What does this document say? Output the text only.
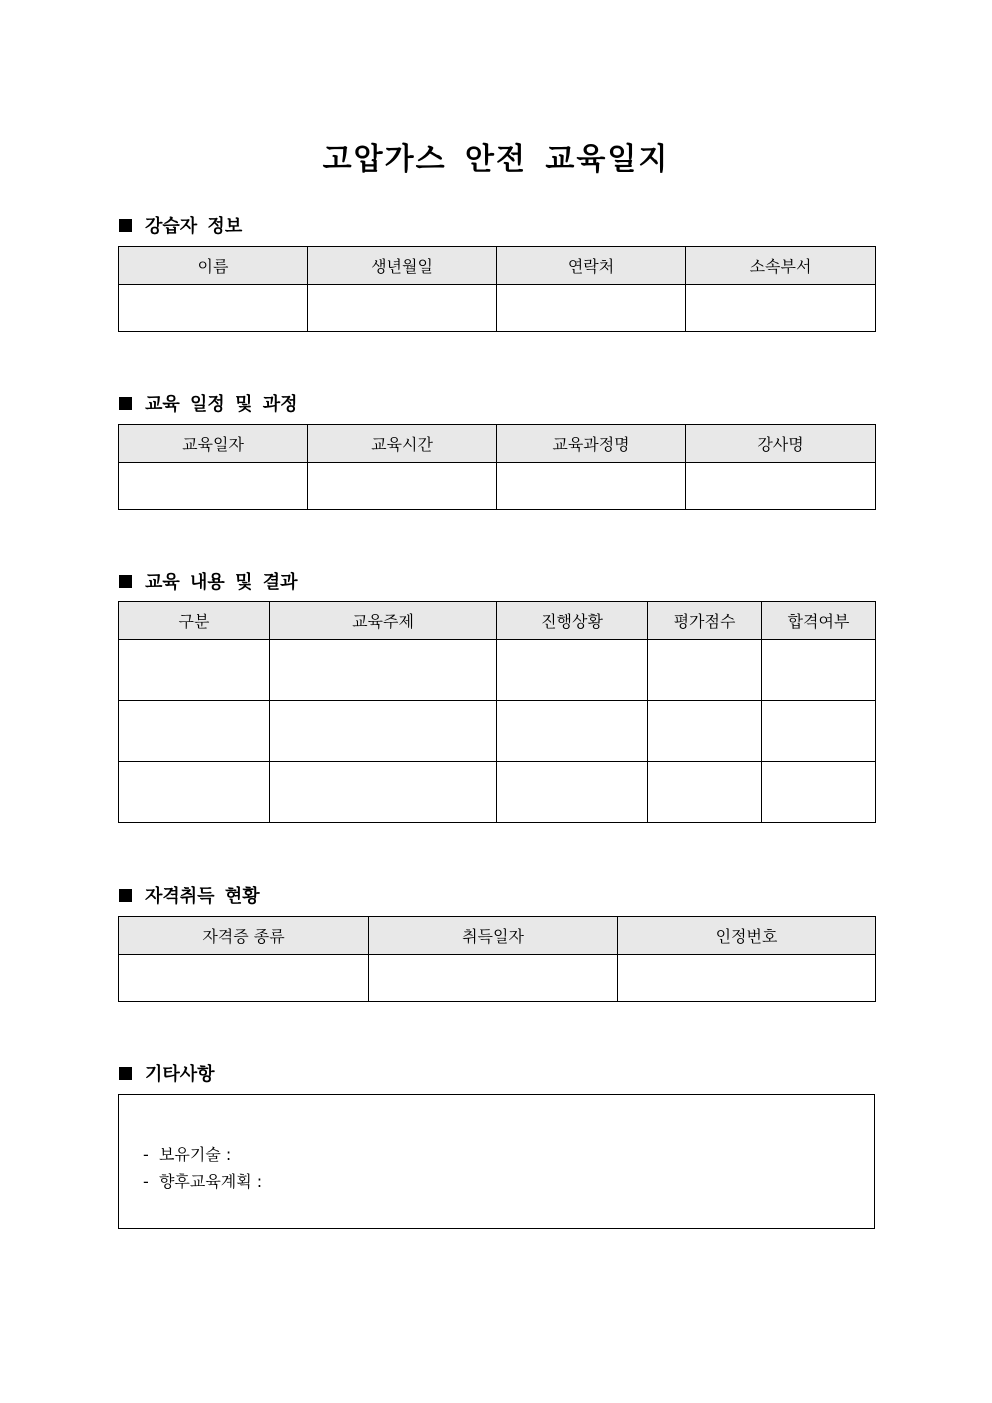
고압가스 안전 교육일지
강습자 정보
이름	생년월일	연락처	소속부서

교육 일정 및 과정
교육일자	교육시간	교육과정명	강사명

교육 내용 및 결과
구분	교육주제	진행상황	평가점수	합격여부

자격취득 현황
자격증 종류	취득일자	인정번호

기타사항
-  보유기술 :
-  향후교육계획 :
